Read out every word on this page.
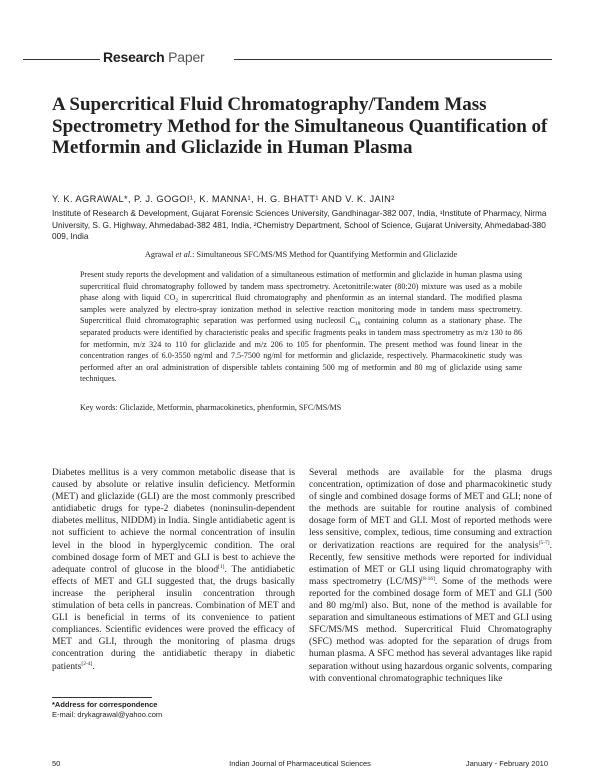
Research Paper
A Supercritical Fluid Chromatography/Tandem Mass Spectrometry Method for the Simultaneous Quantification of Metformin and Gliclazide in Human Plasma
Y. K. AGRAWAL*, P. J. GOGOI¹, K. MANNA¹, H. G. BHATT¹ AND V. K. JAIN²
Institute of Research & Development, Gujarat Forensic Sciences University, Gandhinagar-382 007, India, ¹Institute of Pharmacy, Nirma University, S. G. Highway, Ahmedabad-382 481, India, ²Chemistry Department, School of Science, Gujarat University, Ahmedabad-380 009, India
Agrawal et al.: Simultaneous SFC/MS/MS Method for Quantifying Metformin and Gliclazide
Present study reports the development and validation of a simultaneous estimation of metformin and gliclazide in human plasma using supercritical fluid chromatography followed by tandem mass spectrometry. Acetonitrile:water (80:20) mixture was used as a mobile phase along with liquid $CO_2$ in supercritical fluid chromatography and phenformin as an internal standard. The modified plasma samples were analyzed by electro-spray ionization method in selective reaction monitoring mode in tandem mass spectrometry. Supercritical fluid chromatographic separation was performed using nucleosil $C_{18}$ containing column as a stationary phase. The separated products were identified by characteristic peaks and specific fragments peaks in tandem mass spectrometry as m/z 130 to 86 for metformin, m/z 324 to 110 for gliclazide and m/z 206 to 105 for phenformin. The present method was found linear in the concentration ranges of 6.0-3550 ng/ml and 7.5-7500 ng/ml for metformin and gliclazide, respectively. Pharmacokinetic study was performed after an oral administration of dispersible tablets containing 500 mg of metformin and 80 mg of gliclazide using same techniques.
Key words: Gliclazide, Metformin, pharmacokinetics, phenformin, SFC/MS/MS
Diabetes mellitus is a very common metabolic disease that is caused by absolute or relative insulin deficiency. Metformin (MET) and gliclazide (GLI) are the most commonly prescribed antidiabetic drugs for type-2 diabetes (noninsulin-dependent diabetes mellitus, NIDDM) in India. Single antidiabetic agent is not sufficient to achieve the normal concentration of insulin level in the blood in hyperglycemic condition. The oral combined dosage form of MET and GLI is best to achieve the adequate control of glucose in the blood[1]. The antidiabetic effects of MET and GLI suggested that, the drugs basically increase the peripheral insulin concentration through stimulation of beta cells in pancreas. Combination of MET and GLI is beneficial in terms of its convenience to patient compliances. Scientific evidences were proved the efficacy of MET and GLI, through the monitoring of plasma drugs concentration during the antidiabetic therapy in diabetic patients[2-4].
Several methods are available for the plasma drugs concentration, optimization of dose and pharmacokinetic study of single and combined dosage forms of MET and GLI; none of the methods are suitable for routine analysis of combined dosage form of MET and GLI. Most of reported methods were less sensitive, complex, tedious, time consuming and extraction or derivatization reactions are required for the analysis[5-7]. Recently, few sensitive methods were reported for individual estimation of MET or GLI using liquid chromatography with mass spectrometry (LC/MS)[8-16]. Some of the methods were reported for the combined dosage form of MET and GLI (500 and 80 mg/ml) also. But, none of the method is available for separation and simultaneous estimations of MET and GLI using SFC/MS/MS method. Supercritical Fluid Chromatography (SFC) method was adopted for the separation of drugs from human plasma. A SFC method has several advantages like rapid separation without using hazardous organic solvents, comparing with conventional chromatographic techniques like
*Address for correspondence
E-mail: drykagrawal@yahoo.com
50	Indian Journal of Pharmaceutical Sciences	January - February 2010
